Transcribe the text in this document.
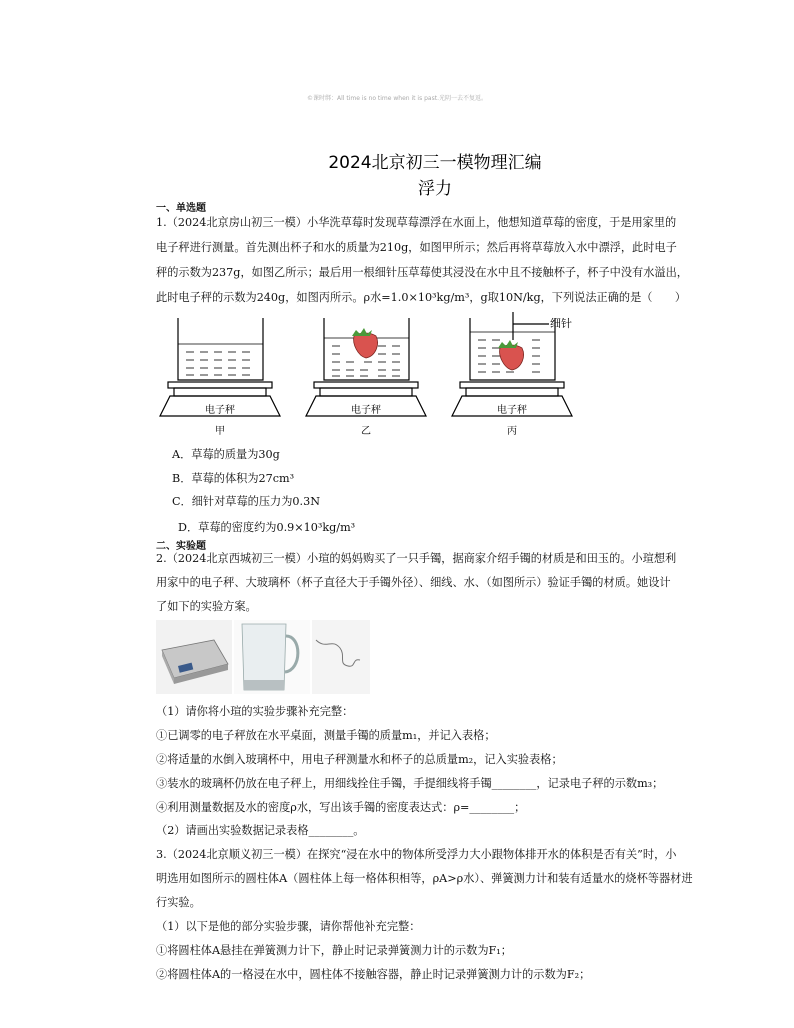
©课时绑：All time is no time when it is past.光阴一去不复返。
2024北京初三一模物理汇编
浮力
一、单选题
1.（2024北京房山初三一模）小华洗草莓时发现草莓漂浮在水面上，他想知道草莓的密度，于是用家里的
电子秤进行测量。首先测出杯子和水的质量为210g，如图甲所示；然后再将草莓放入水中漂浮，此时电子
秤的示数为237g，如图乙所示；最后用一根细针压草莓使其浸没在水中且不接触杯子，杯子中没有水溢出，
此时电子秤的示数为240g，如图丙所示。ρ水=1.0×10³kg/m³，g取10N/kg，下列说法正确的是（　　）
细针
电子秤	电子秤	电子秤
甲	乙	丙
A．草莓的质量为30g
B．草莓的体积为27cm³
C．细针对草莓的压力为0.3N
D．草莓的密度约为0.9×10³kg/m³
二、实验题
2.（2024北京西城初三一模）小瑄的妈妈购买了一只手镯，据商家介绍手镯的材质是和田玉的。小瑄想利
用家中的电子秤、大玻璃杯（杯子直径大于手镯外径）、细线、水、（如图所示）验证手镯的材质。她设计
了如下的实验方案。
（1）请你将小瑄的实验步骤补充完整：
①已调零的电子秤放在水平桌面，测量手镯的质量m₁，并记入表格；
②将适量的水倒入玻璃杯中，用电子秤测量水和杯子的总质量m₂，记入实验表格；
③装水的玻璃杯仍放在电子秤上，用细线拴住手镯，手提细线将手镯________，记录电子秤的示数m₃；
④利用测量数据及水的密度ρ水，写出该手镯的密度表达式：ρ=________；
（2）请画出实验数据记录表格________。
3.（2024北京顺义初三一模）在探究“浸在水中的物体所受浮力大小跟物体排开水的体积是否有关”时，小
明选用如图所示的圆柱体A（圆柱体上每一格体积相等，ρA>ρ水）、弹簧测力计和装有适量水的烧杯等器材进
行实验。
（1）以下是他的部分实验步骤，请你帮他补充完整：
①将圆柱体A悬挂在弹簧测力计下，静止时记录弹簧测力计的示数为F₁；
②将圆柱体A的一格浸在水中，圆柱体不接触容器，静止时记录弹簧测力计的示数为F₂；
